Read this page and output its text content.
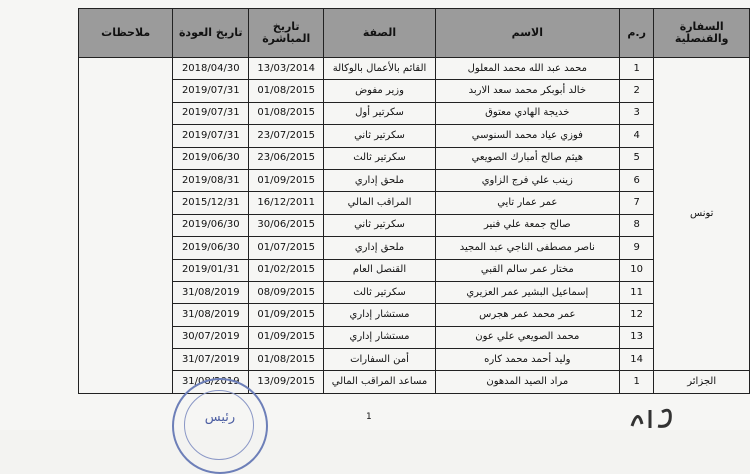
ملاحظات	تاريخ العودة	تاريخ المباشرة	الصفة	الاسم	ر.م	السفارة والقنصلية
	2018/04/30	13/03/2014	القائم بالأعمال بالوكالة	محمد عبد الله محمد المعلول	1	تونس
	2019/07/31	01/08/2015	وزير مفوض	خالد أبوبكر محمد سعد الاربد	2	
	2019/07/31	01/08/2015	سكرتير أول	خديجة الهادي معتوق	3	
	2019/07/31	23/07/2015	سكرتير ثاني	فوزي عياد محمد السنوسي	4	
	2019/06/30	23/06/2015	سكرتير ثالث	هيثم صالح أمبارك الصويعي	5	
	2019/08/31	01/09/2015	ملحق إداري	زينب علي فرج الزاوي	6	
	2015/12/31	16/12/2011	المراقب المالي	عمر عمار تايي	7	
	2019/06/30	30/06/2015	سكرتير ثاني	صالح جمعة علي فنير	8	
	2019/06/30	01/07/2015	ملحق إداري	ناصر مصطفى الناجي عبد المجيد	9	
	2019/01/31	01/02/2015	القنصل العام	مختار عمر سالم القبي	10	
	31/08/2019	08/09/2015	سكرتير ثالث	إسماعيل البشير عمر العزيري	11	
	31/08/2019	01/09/2015	مستشار إداري	عمر محمد عمر هجرس	12	
	30/07/2019	01/09/2015	مستشار إداري	محمد الصويعي علي عون	13	
	31/07/2019	01/08/2015	أمن السفارات	وليد أحمد محمد كاره	14	
	31/08/2019	13/09/2015	مساعد المراقب المالي	مراد الصيد المدهون	1	الجزائر
1
رئيس
